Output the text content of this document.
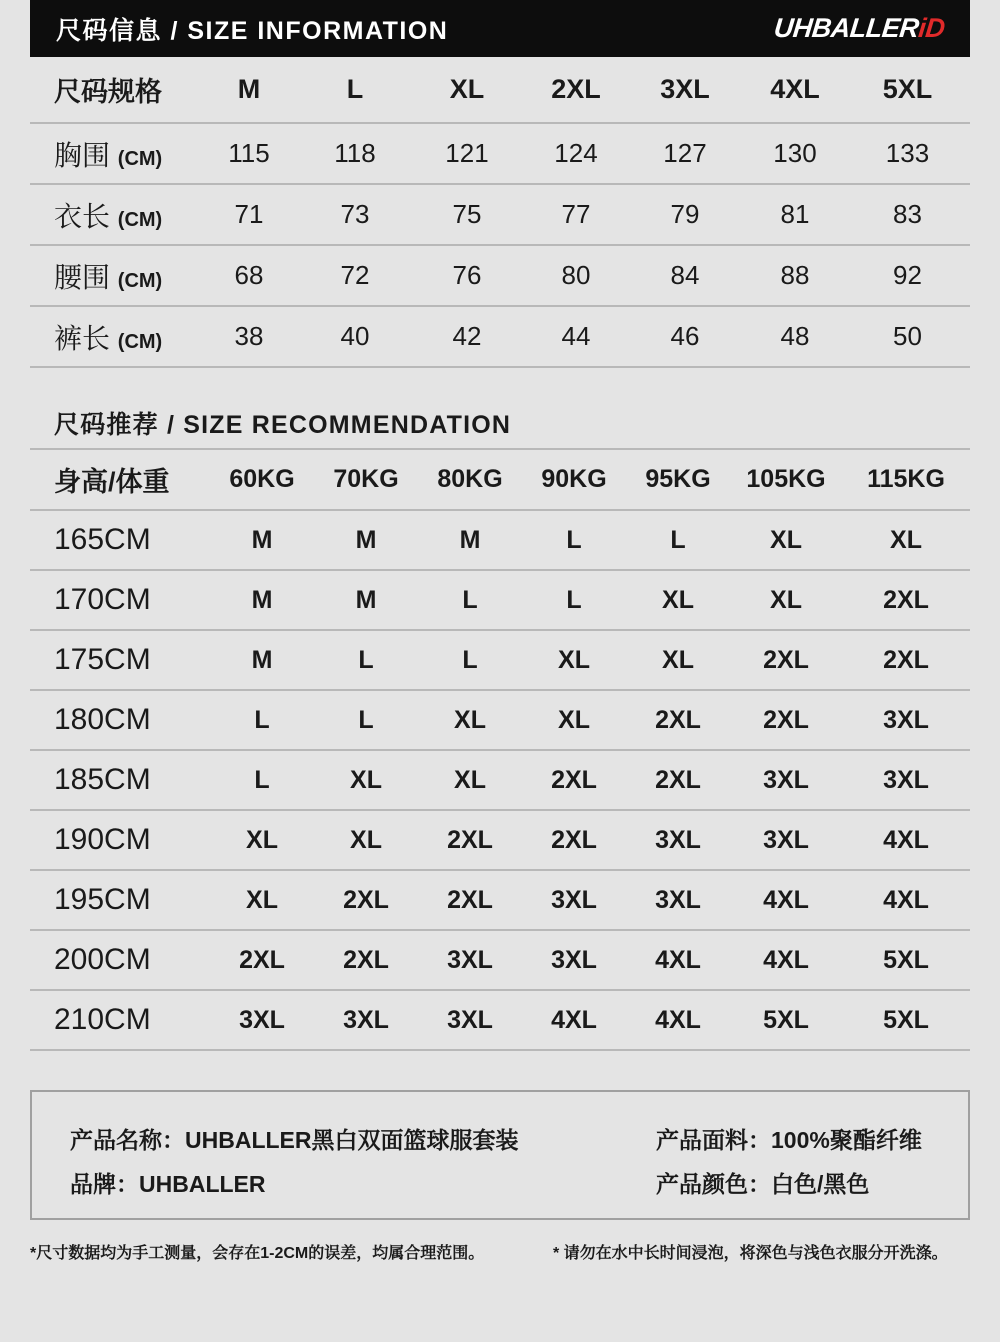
尺码信息 / SIZE INFORMATION	UHBALLERiD
尺码规格	M	L	XL	2XL	3XL	4XL	5XL
胸围 (CM)	115	118	121	124	127	130	133
衣长 (CM)	71	73	75	77	79	81	83
腰围 (CM)	68	72	76	80	84	88	92
裤长 (CM)	38	40	42	44	46	48	50
尺码推荐 / SIZE RECOMMENDATION
身高/体重	60KG	70KG	80KG	90KG	95KG	105KG	115KG
165CM	M	M	M	L	L	XL	XL
170CM	M	M	L	L	XL	XL	2XL
175CM	M	L	L	XL	XL	2XL	2XL
180CM	L	L	XL	XL	2XL	2XL	3XL
185CM	L	XL	XL	2XL	2XL	3XL	3XL
190CM	XL	XL	2XL	2XL	3XL	3XL	4XL
195CM	XL	2XL	2XL	3XL	3XL	4XL	4XL
200CM	2XL	2XL	3XL	3XL	4XL	4XL	5XL
210CM	3XL	3XL	3XL	4XL	4XL	5XL	5XL
产品名称：UHBALLER黑白双面篮球服套装	产品面料：100%聚酯纤维
品牌：UHBALLER	产品颜色：白色/黑色
*尺寸数据均为手工测量，会存在1-2CM的误差，均属合理范围。	* 请勿在水中长时间浸泡，将深色与浅色衣服分开洗涤。
